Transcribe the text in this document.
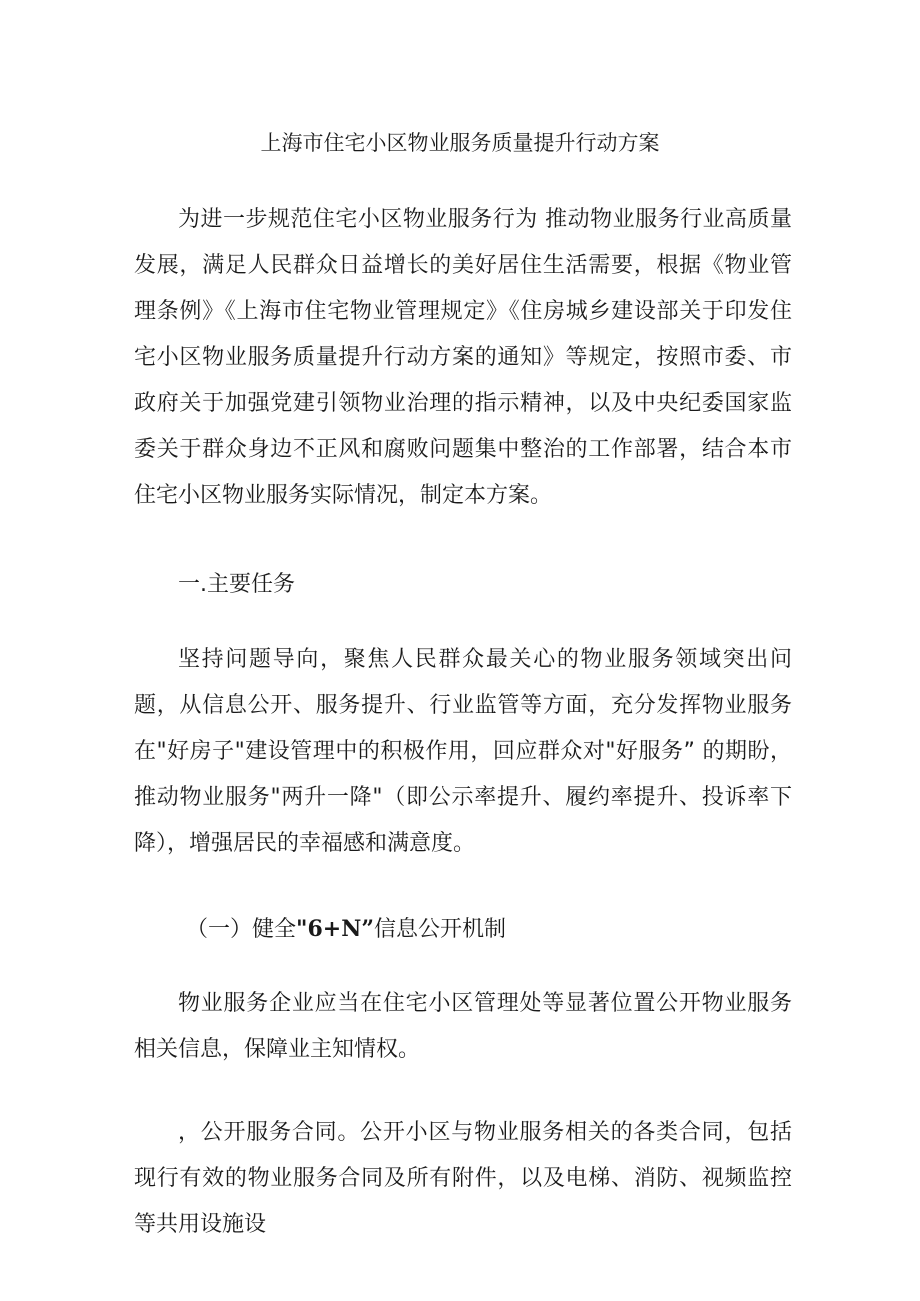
上海市住宅小区物业服务质量提升行动方案

为进一步规范住宅小区物业服务行为 推动物业服务行业高质量发展，满足人民群众日益增长的美好居住生活需要，根据《物业管理条例》《上海市住宅物业管理规定》《住房城乡建设部关于印发住宅小区物业服务质量提升行动方案的通知》等规定，按照市委、市政府关于加强党建引领物业治理的指示精神，以及中央纪委国家监委关于群众身边不正风和腐败问题集中整治的工作部署，结合本市住宅小区物业服务实际情况，制定本方案。

一.主要任务

坚持问题导向，聚焦人民群众最关心的物业服务领域突出问题，从信息公开、服务提升、行业监管等方面，充分发挥物业服务在"好房子"建设管理中的积极作用，回应群众对"好服务” 的期盼，推动物业服务"两升一降"（即公示率提升、履约率提升、投诉率下降），增强居民的幸福感和满意度。

（一）健全"6+N”信息公开机制

物业服务企业应当在住宅小区管理处等显著位置公开物业服务相关信息，保障业主知情权。

，公开服务合同。公开小区与物业服务相关的各类合同，包括现行有效的物业服务合同及所有附件，以及电梯、消防、视频监控等共用设施设
